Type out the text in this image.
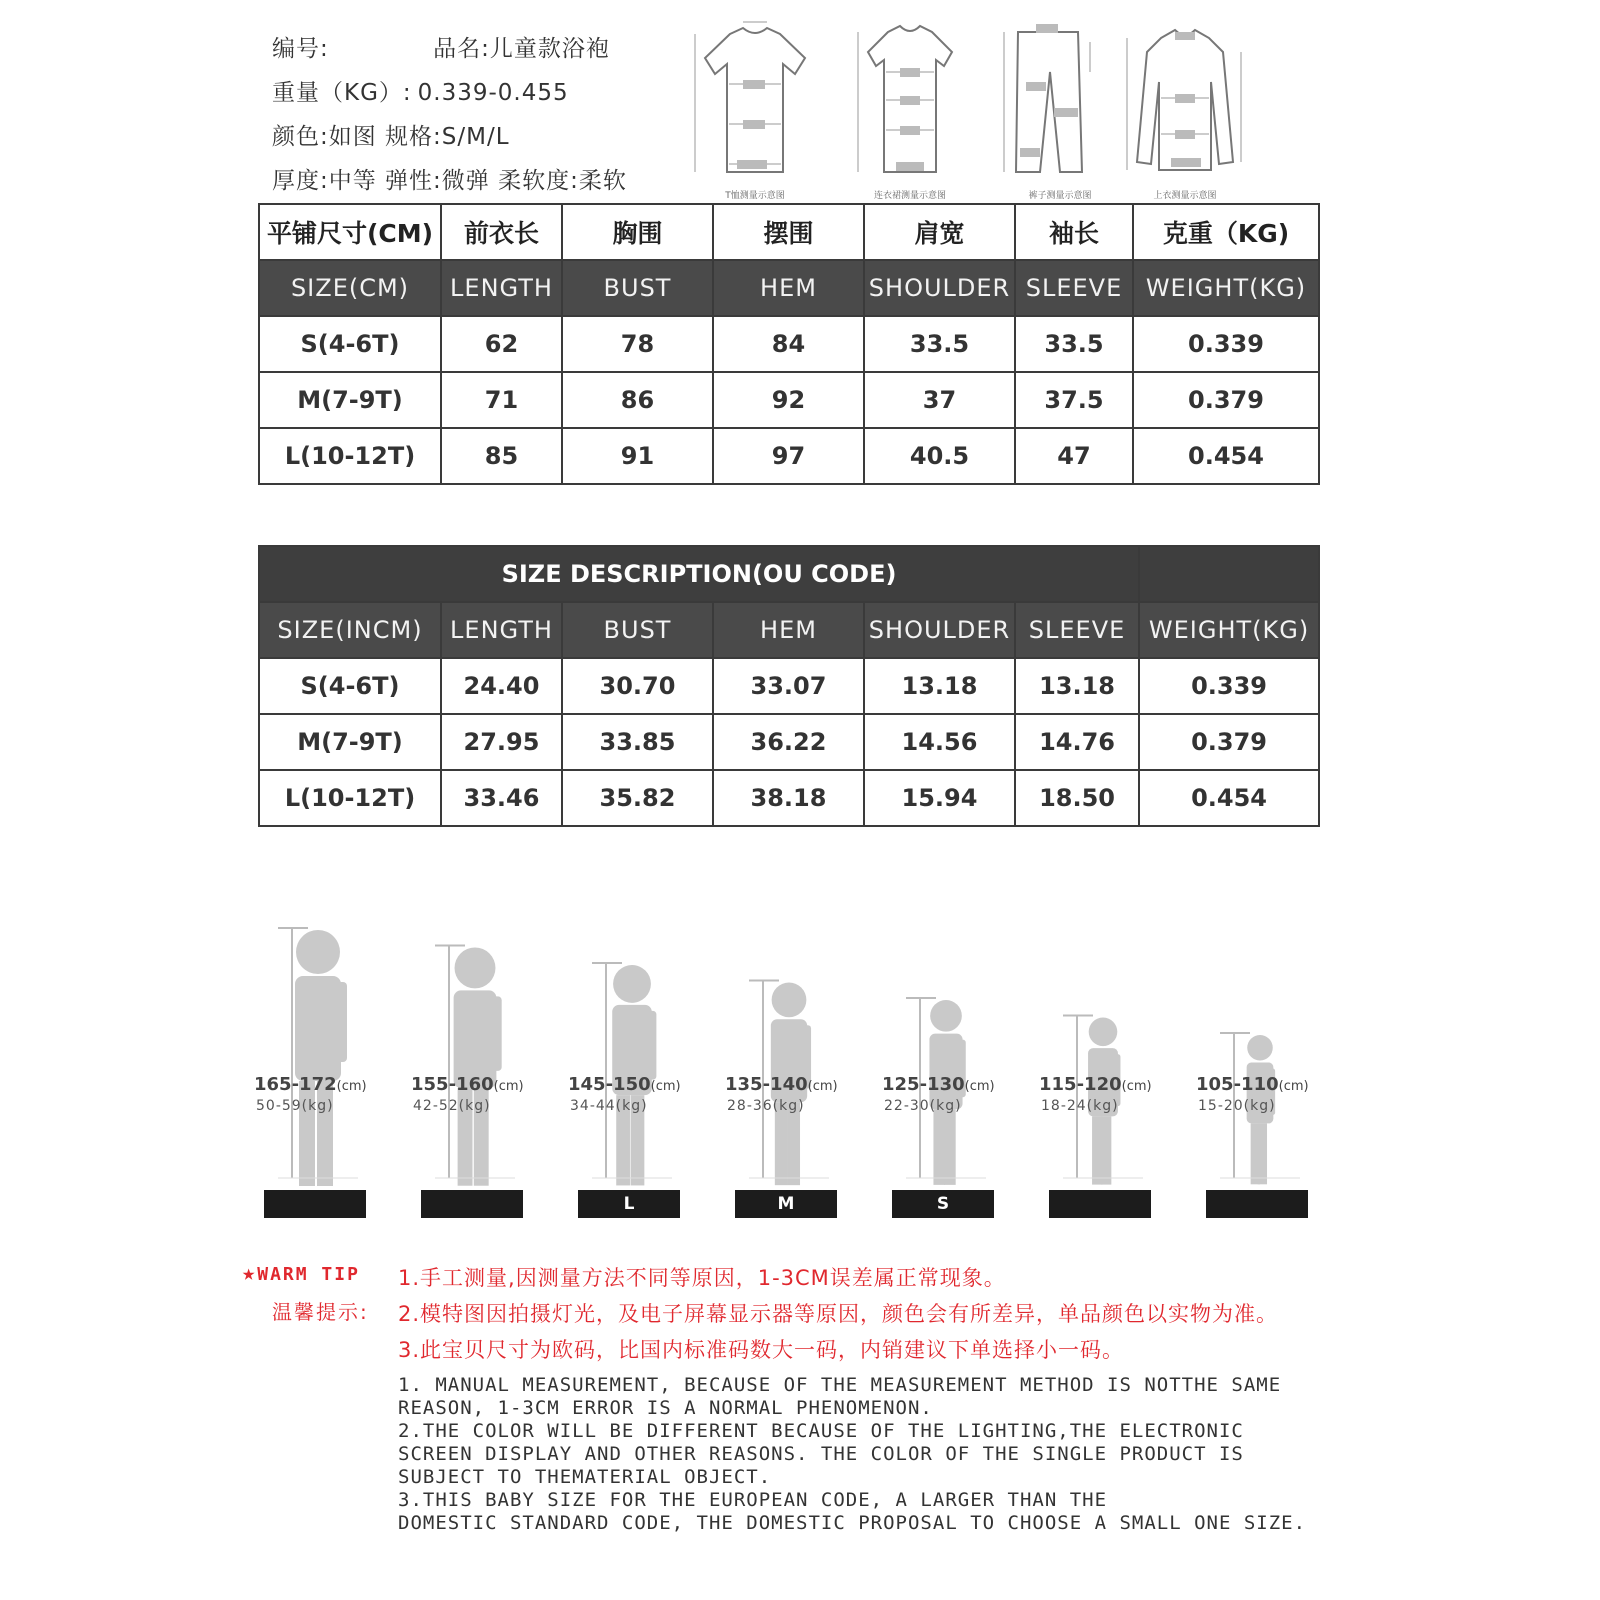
编号:	品名:儿童款浴袍
重量（KG）: 0.339-0.455
颜色:如图 规格:S/M/L
厚度:中等 弹性:微弹 柔软度:柔软
T恤测量示意图	连衣裙测量示意图	裤子测量示意图	上衣测量示意图
平铺尺寸(CM)	前衣长	胸围	摆围	肩宽	袖长	克重（KG)
SIZE(CM)	LENGTH	BUST	HEM	SHOULDER	SLEEVE	WEIGHT(KG)
S(4-6T)	62	78	84	33.5	33.5	0.339
M(7-9T)	71	86	92	37	37.5	0.379
L(10-12T)	85	91	97	40.5	47	0.454
SIZE DESCRIPTION(OU CODE)						
SIZE(INCM)	LENGTH	BUST	HEM	SHOULDER	SLEEVE	WEIGHT(KG)
S(4-6T)	24.40	30.70	33.07	13.18	13.18	0.339
M(7-9T)	27.95	33.85	36.22	14.56	14.76	0.379
L(10-12T)	33.46	35.82	38.18	15.94	18.50	0.454
165-172(cm)
50-59(kg)
155-160(cm)
42-52(kg)
145-150(cm)
34-44(kg)
L
135-140(cm)
28-36(kg)
M
125-130(cm)
22-30(kg)
S
115-120(cm)
18-24(kg)
105-110(cm)
15-20(kg)
★WARM TIP
温馨提示:
1.手工测量,因测量方法不同等原因，1-3CM误差属正常现象。
2.模特图因拍摄灯光，及电子屏幕显示器等原因，颜色会有所差异，单品颜色以实物为准。
3.此宝贝尺寸为欧码，比国内标准码数大一码，内销建议下单选择小一码。
1. MANUAL MEASUREMENT, BECAUSE OF THE MEASUREMENT METHOD IS NOTTHE SAME
REASON, 1-3CM ERROR IS A NORMAL PHENOMENON.
2.THE COLOR WILL BE DIFFERENT BECAUSE OF THE LIGHTING,THE ELECTRONIC
SCREEN DISPLAY AND OTHER REASONS. THE COLOR OF THE SINGLE PRODUCT IS
SUBJECT TO THEMATERIAL OBJECT.
3.THIS BABY SIZE FOR THE EUROPEAN CODE, A LARGER THAN THE
DOMESTIC STANDARD CODE, THE DOMESTIC PROPOSAL TO CHOOSE A SMALL ONE SIZE.
